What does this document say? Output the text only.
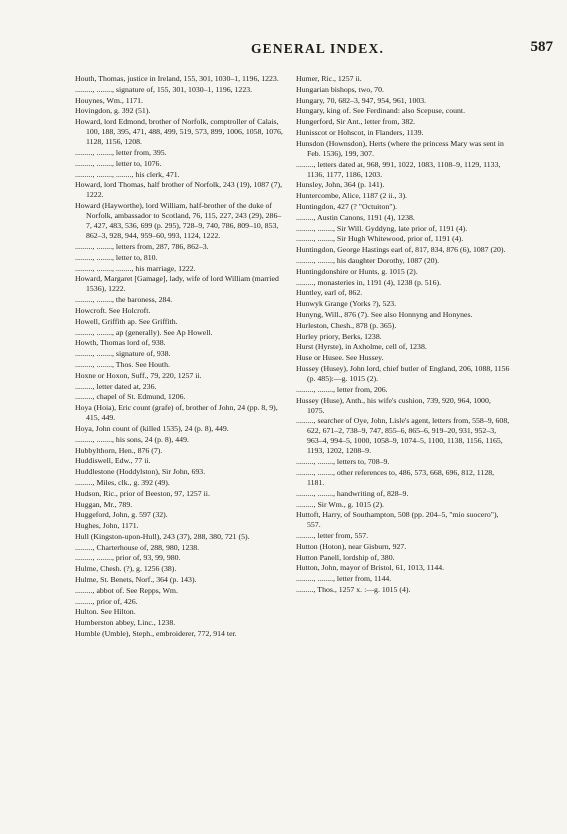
GENERAL INDEX.	587

Houth, Thomas, justice in Ireland, 155, 301, 1030–1, 1196, 1223.

........., ........, signature of, 155, 301, 1030–1, 1196, 1223.

Houynes, Wm., 1171.

Hovingdon, g. 392 (51).

Howard, lord Edmond, brother of Norfolk, comptroller of Calais, 100, 188, 395, 471, 488, 499, 519, 573, 899, 1006, 1058, 1076, 1128, 1156, 1208.

........., ........, letter from, 395.

........., ........, letter to, 1076.

........., ........, ........, his clerk, 471.

Howard, lord Thomas, half brother of Norfolk, 243 (19), 1087 (7), 1222.

Howard (Hayworthe), lord William, half-brother of the duke of Norfolk, ambassador to Scotland, 76, 115, 227, 243 (29), 286–7, 427, 483, 536, 699 (p. 295), 728–9, 740, 786, 809–10, 853, 862–3, 928, 944, 959–60, 993, 1124, 1222.

........., ........, letters from, 287, 786, 862–3.

........., ........, letter to, 810.

........., ........, ........, his marriage, 1222.

Howard, Margaret [Gamage], lady, wife of lord William (married 1536), 1222.

........., ........, the baroness, 284.

Howcroft. See Holcroft.

Howell, Griffith ap. See Griffith.

........., ........, ap (generally). See Ap Howell.

Howth, Thomas lord of, 938.

........., ........, signature of, 938.

........., ........, Thos. See Houth.

Hoxne or Hoxon, Suff., 79, 220, 1257 ii.

........., letter dated at, 236.

........., chapel of St. Edmund, 1206.

Hoya (Hoia), Eric count (grafe) of, brother of John, 24 (pp. 8, 9), 415, 449.

Hoya, John count of (killed 1535), 24 (p. 8), 449.

........., ........, his sons, 24 (p. 8), 449.

Hubbylthorn, Hen., 876 (7).

Huddiswell, Edw., 77 ii.

Huddlestone (Hoddylston), Sir John, 693.

........., Miles, clk., g. 392 (49).

Hudson, Ric., prior of Beeston, 97, 1257 ii.

Huggan, Mr., 789.

Huggeford, John, g. 597 (32).

Hughes, John, 1171.

Hull (Kingston-upon-Hull), 243 (37), 288, 380, 721 (5).

........., Charterhouse of, 288, 980, 1238.

........., ........, prior of, 93, 99, 980.

Hulme, Chesh. (?), g. 1256 (38).

Hulme, St. Benets, Norf., 364 (p. 143).

........., abbot of. See Repps, Wm.

........., prior of, 426.

Hulton. See Hilton.

Humberston abbey, Linc., 1238.

Humble (Umble), Steph., embroiderer, 772, 914 ter.

Humer, Ric., 1257 ii.

Hungarian bishops, two, 70.

Hungary, 70, 682–3, 947, 954, 961, 1003.

Hungary, king of. See Ferdinand: also Scepuse, count.

Hungerford, Sir Ant., letter from, 382.

Hunisscot or Hohscot, in Flanders, 1139.

Hunsdon (Hownsdon), Herts (where the princess Mary was sent in Feb. 1536), 199, 307.

........., letters dated at, 968, 991, 1022, 1083, 1108–9, 1129, 1133, 1136, 1177, 1186, 1203.

Hunsley, John, 364 (p. 141).

Huntercombe, Alice, 1187 (2 ii., 3).

Huntingdon, 427 (? "Octuiton").

........., Austin Canons, 1191 (4), 1238.

........., ........, Sir Will. Gyddyng, late prior of, 1191 (4).

........., ........, Sir Hugh Whitewood, prior of, 1191 (4).

Huntingdon, George Hastings earl of, 817, 834, 876 (6), 1087 (20).

........., ........, his daughter Dorothy, 1087 (20).

Huntingdonshire or Hunts, g. 1015 (2).

........., monasteries in, 1191 (4), 1238 (p. 516).

Huntley, earl of, 862.

Hunwyk Grange (Yorks ?), 523.

Hunyng, Will., 876 (7). See also Honnyng and Honynes.

Hurleston, Chesh., 878 (p. 365).

Hurley priory, Berks, 1238.

Hurst (Hyrste), in Axholme, cell of, 1238.

Huse or Husee. See Hussey.

Hussey (Husey), John lord, chief butler of England, 206, 1088, 1156 (p. 485):—g. 1015 (2).

........., ........, letter from, 206.

Hussey (Huse), Anth., his wife's cushion, 739, 920, 964, 1000, 1075.

........., searcher of Oye, John, Lisle's agent, letters from, 558–9, 608, 622, 671–2, 738–9, 747, 855–6, 865–6, 919–20, 931, 952–3, 963–4, 994–5, 1000, 1058–9, 1074–5, 1100, 1138, 1156, 1165, 1193, 1202, 1208–9.

........., ........, letters to, 708–9.

........., ........, other references to, 486, 573, 668, 696, 812, 1128, 1181.

........., ........, handwriting of, 828–9.

........., Sir Wm., g. 1015 (2).

Huttoft, Harry, of Southampton, 508 (pp. 204–5, "mio suocero"), 557.

........., letter from, 557.

Hutton (Hoton), near Gisburn, 927.

Hutton Panell, lordship of, 380.

Hutton, John, mayor of Bristol, 61, 1013, 1144.

........., ........, letter from, 1144.

........., Thos., 1257 x. :—g. 1015 (4).
